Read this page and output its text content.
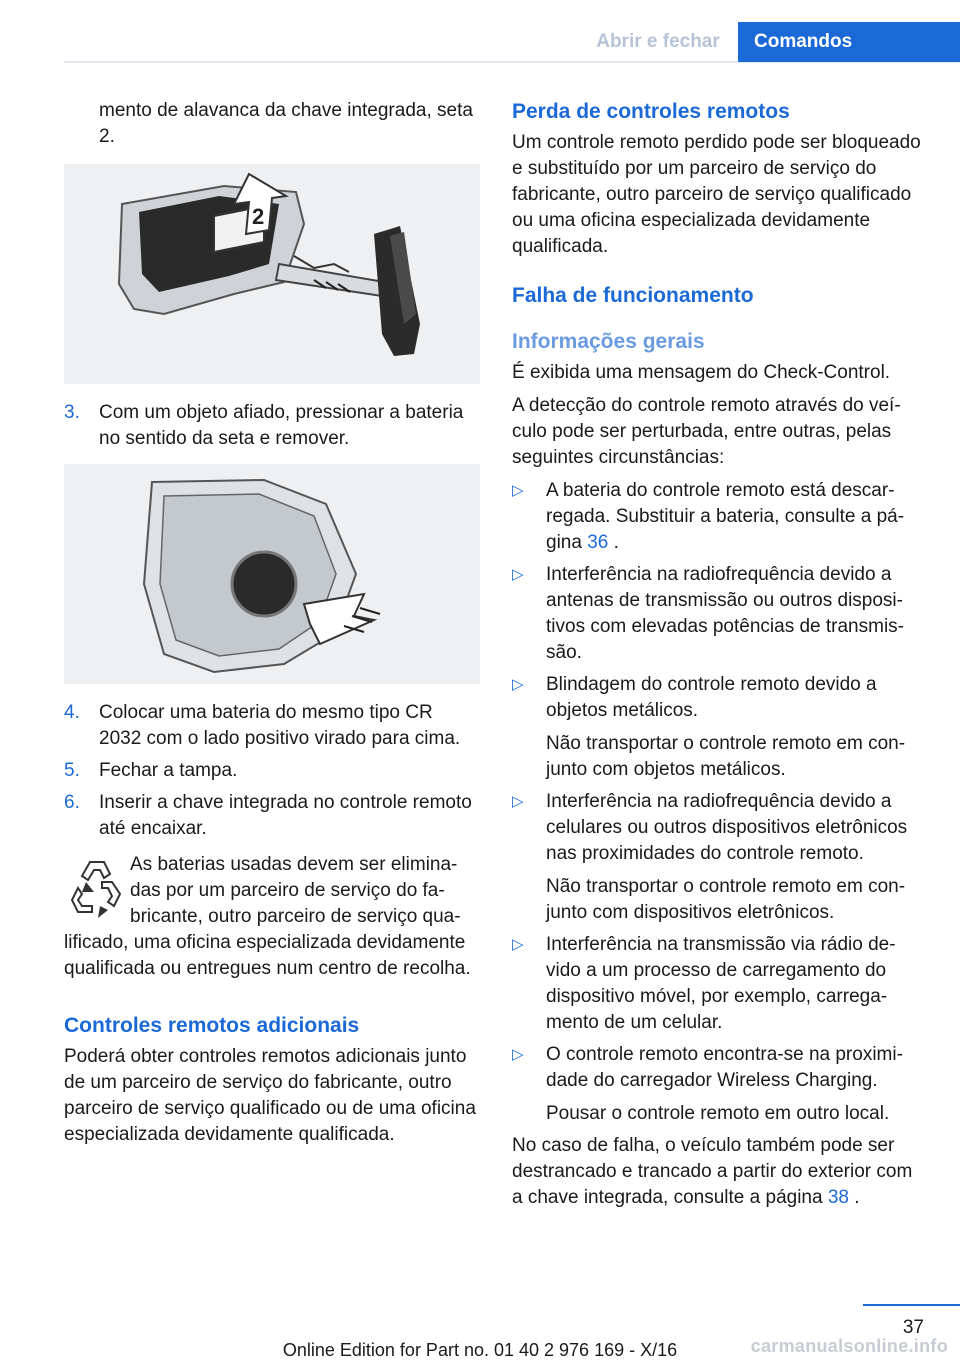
Abrir e fechar	Comandos

mento de alavanca da chave integrada, seta 2.

2
3.	Com um objeto afiado, pressionar a bateria no sentido da seta e remover.
4.	Colocar uma bateria do mesmo tipo CR 2032 com o lado positivo virado para cima.
5.	Fechar a tampa.
6.	Inserir a chave integrada no controle remoto até encaixar.

As baterias usadas devem ser eliminadas por um parceiro de serviço do fabricante, outro parceiro de serviço qualificado, uma oficina especializada devidamente qualificada ou entregues num centro de recolha.

Controles remotos adicionais

Poderá obter controles remotos adicionais junto de um parceiro de serviço do fabricante, outro parceiro de serviço qualificado ou de uma oficina especializada devidamente qualificada.

Perda de controles remotos

Um controle remoto perdido pode ser bloqueado e substituído por um parceiro de serviço do fabricante, outro parceiro de serviço qualificado ou uma oficina especializada devidamente qualificada.

Falha de funcionamento
Informações gerais

É exibida uma mensagem do Check-Control.

A detecção do controle remoto através do veículo pode ser perturbada, entre outras, pelas seguintes circunstâncias:

▷	A bateria do controle remoto está descarregada. Substituir a bateria, consulte a página 36 .
▷	Interferência na radiofrequência devido a antenas de transmissão ou outros dispositivos com elevadas potências de transmissão.
▷	Blindagem do controle remoto devido a objetos metálicos.
Não transportar o controle remoto em conjunto com objetos metálicos.
▷	Interferência na radiofrequência devido a celulares ou outros dispositivos eletrônicos nas proximidades do controle remoto.
Não transportar o controle remoto em conjunto com dispositivos eletrônicos.
▷	Interferência na transmissão via rádio devido a um processo de carregamento do dispositivo móvel, por exemplo, carregamento de um celular.
▷	O controle remoto encontra-se na proximidade do carregador Wireless Charging.
Pousar o controle remoto em outro local.

No caso de falha, o veículo também pode ser destrancado e trancado a partir do exterior com a chave integrada, consulte a página 38 .

37
Online Edition for Part no. 01 40 2 976 169 - X/16	carmanualsonline.info
